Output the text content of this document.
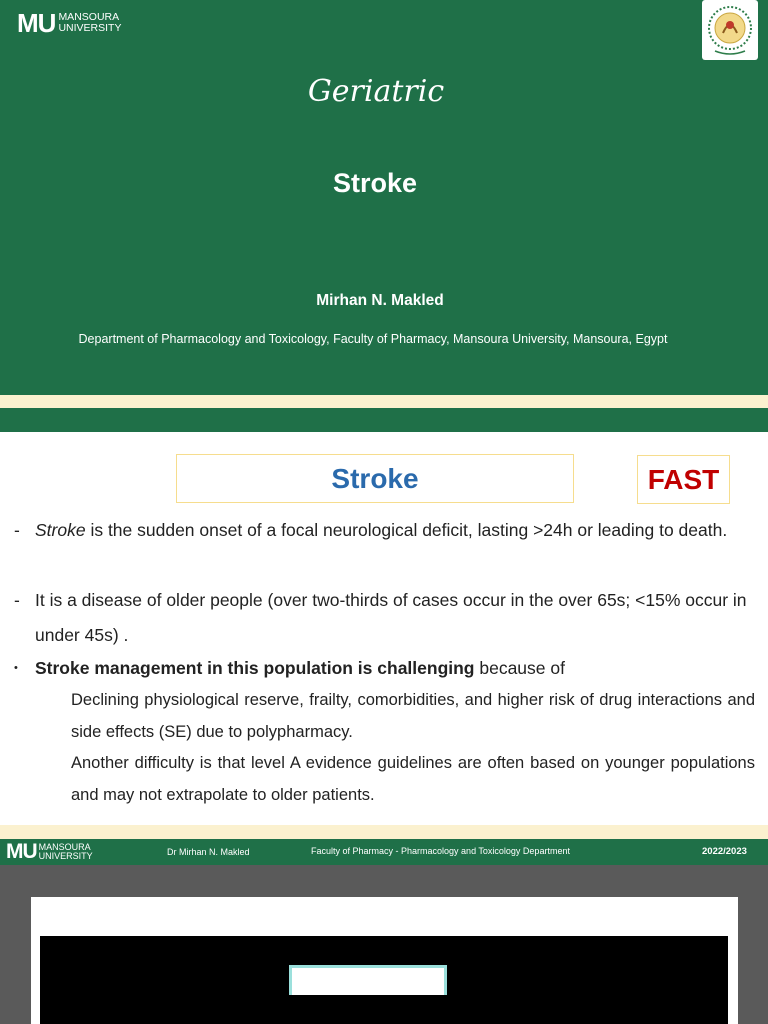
MU MANSOURA
UNIVERSITY
Geriatric
Stroke
Mirhan N. Makled
Department of Pharmacology and Toxicology, Faculty of Pharmacy, Mansoura University, Mansoura, Egypt
Stroke	FAST
- Stroke is the sudden onset of a focal neurological deficit, lasting >24h or leading to death.
- It is a disease of older people (over two-thirds of cases occur in the over 65s; <15% occur in under 45s) .
• Stroke management in this population is challenging because of
Declining physiological reserve, frailty, comorbidities, and higher risk of drug interactions and side effects (SE) due to polypharmacy.
Another difficulty is that level A evidence guidelines are often based on younger populations and may not extrapolate to older patients.
MU MANSOURA
UNIVERSITY	Dr Mirhan N. Makled	Faculty of Pharmacy - Pharmacology and Toxicology Department	2022/2023
